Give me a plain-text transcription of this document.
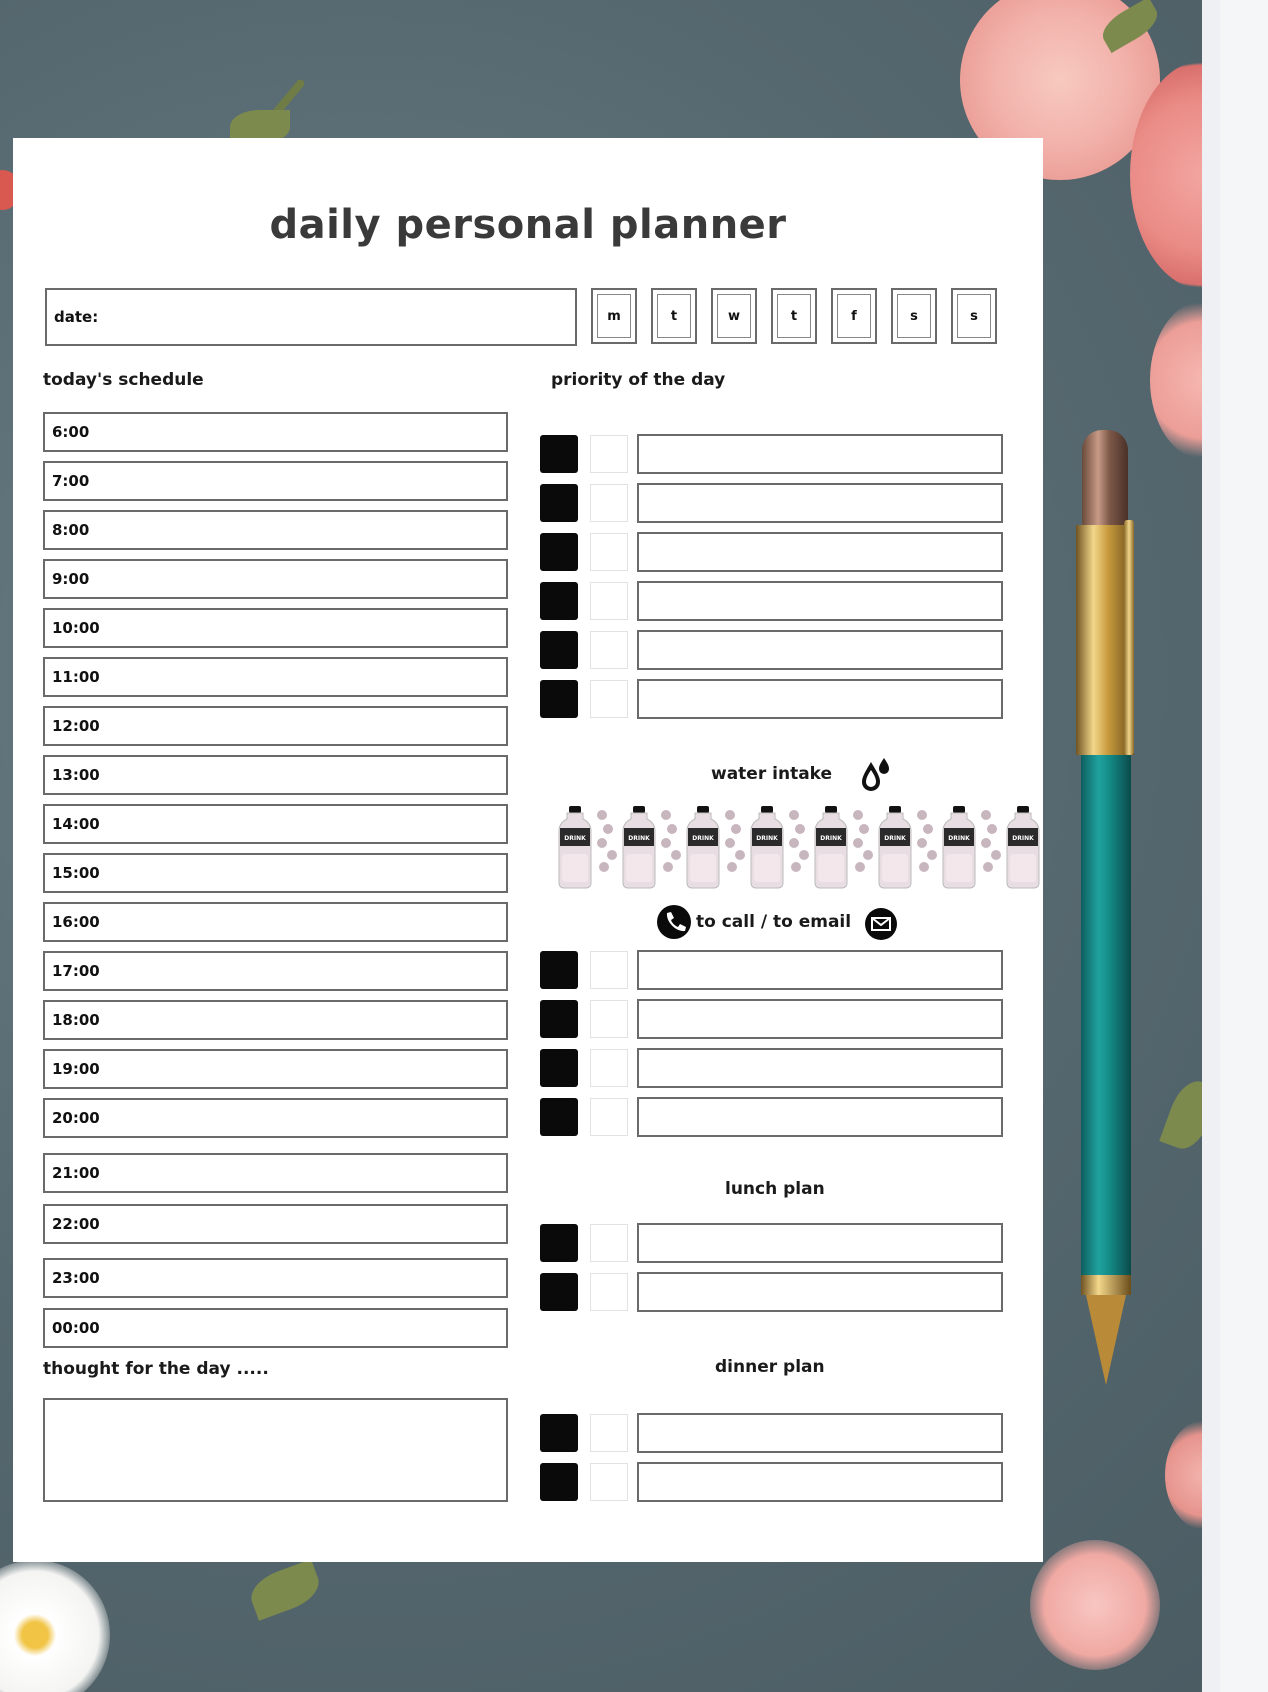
daily personal planner
date:	m	t	w	t	f	s	s
today's schedule	priority of the day
6:00
7:00
8:00
9:00
10:00
11:00
12:00
13:00
14:00
15:00
16:00
17:00
18:00
19:00
20:00
21:00
22:00
23:00
00:00
thought for the day .....
water intake
DRINK	DRINK	DRINK	DRINK	DRINK	DRINK	DRINK	DRINK
to call / to email
lunch plan
dinner plan
